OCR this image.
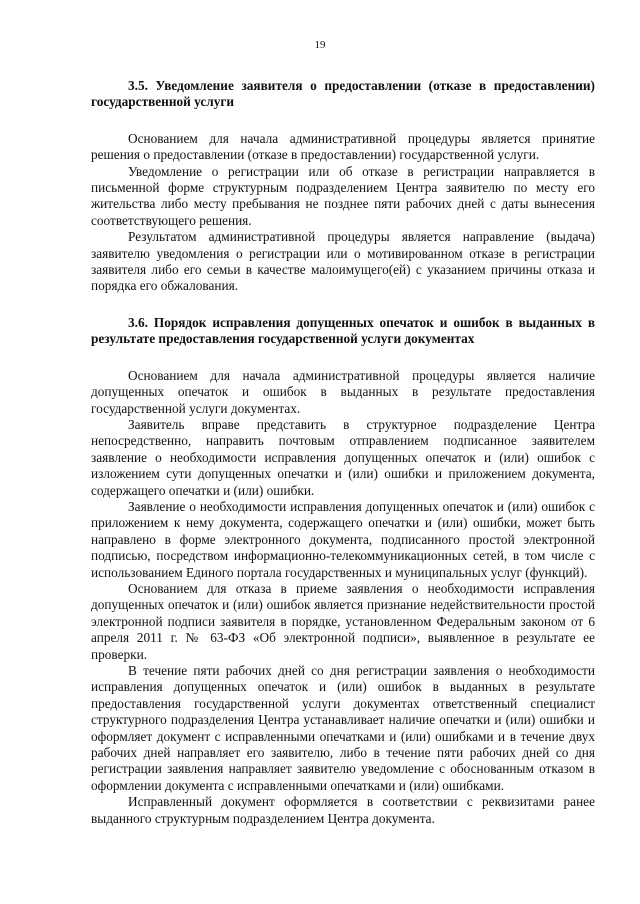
19

3.5. Уведомление заявителя о предоставлении (отказе в предоставлении) государственной услуги

Основанием для начала административной процедуры является принятие решения о предоставлении (отказе в предоставлении) государственной услуги.

Уведомление о регистрации или об отказе в регистрации направляется в письменной форме структурным подразделением Центра заявителю по месту его жительства либо месту пребывания не позднее пяти рабочих дней с даты вынесения соответствующего решения.

Результатом административной процедуры является направление (выдача) заявителю уведомления о регистрации или о мотивированном отказе в регистрации заявителя либо его семьи в качестве малоимущего(ей) с указанием причины отказа и порядка его обжалования.

3.6. Порядок исправления допущенных опечаток и ошибок в выданных в результате предоставления государственной услуги документах

Основанием для начала административной процедуры является наличие допущенных опечаток и ошибок в выданных в результате предоставления государственной услуги документах.

Заявитель вправе представить в структурное подразделение Центра непосредственно, направить почтовым отправлением подписанное заявителем заявление о необходимости исправления допущенных опечаток и (или) ошибок с изложением сути допущенных опечатки и (или) ошибки и приложением документа, содержащего опечатки и (или) ошибки.

Заявление о необходимости исправления допущенных опечаток и (или) ошибок с приложением к нему документа, содержащего опечатки и (или) ошибки, может быть направлено в форме электронного документа, подписанного простой электронной подписью, посредством информационно-телекоммуникационных сетей, в том числе с использованием Единого портала государственных и муниципальных услуг (функций).

Основанием для отказа в приеме заявления о необходимости исправления допущенных опечаток и (или) ошибок является признание недействительности простой электронной подписи заявителя в порядке, установленном Федеральным законом от 6 апреля 2011 г. № 63-ФЗ «Об электронной подписи», выявленное в результате ее проверки.

В течение пяти рабочих дней со дня регистрации заявления о необходимости исправления допущенных опечаток и (или) ошибок в выданных в результате предоставления государственной услуги документах ответственный специалист структурного подразделения Центра устанавливает наличие опечатки и (или) ошибки и оформляет документ с исправленными опечатками и (или) ошибками и в течение двух рабочих дней направляет его заявителю, либо в течение пяти рабочих дней со дня регистрации заявления направляет заявителю уведомление с обоснованным отказом в оформлении документа с исправленными опечатками и (или) ошибками.

Исправленный документ оформляется в соответствии с реквизитами ранее выданного структурным подразделением Центра документа.
